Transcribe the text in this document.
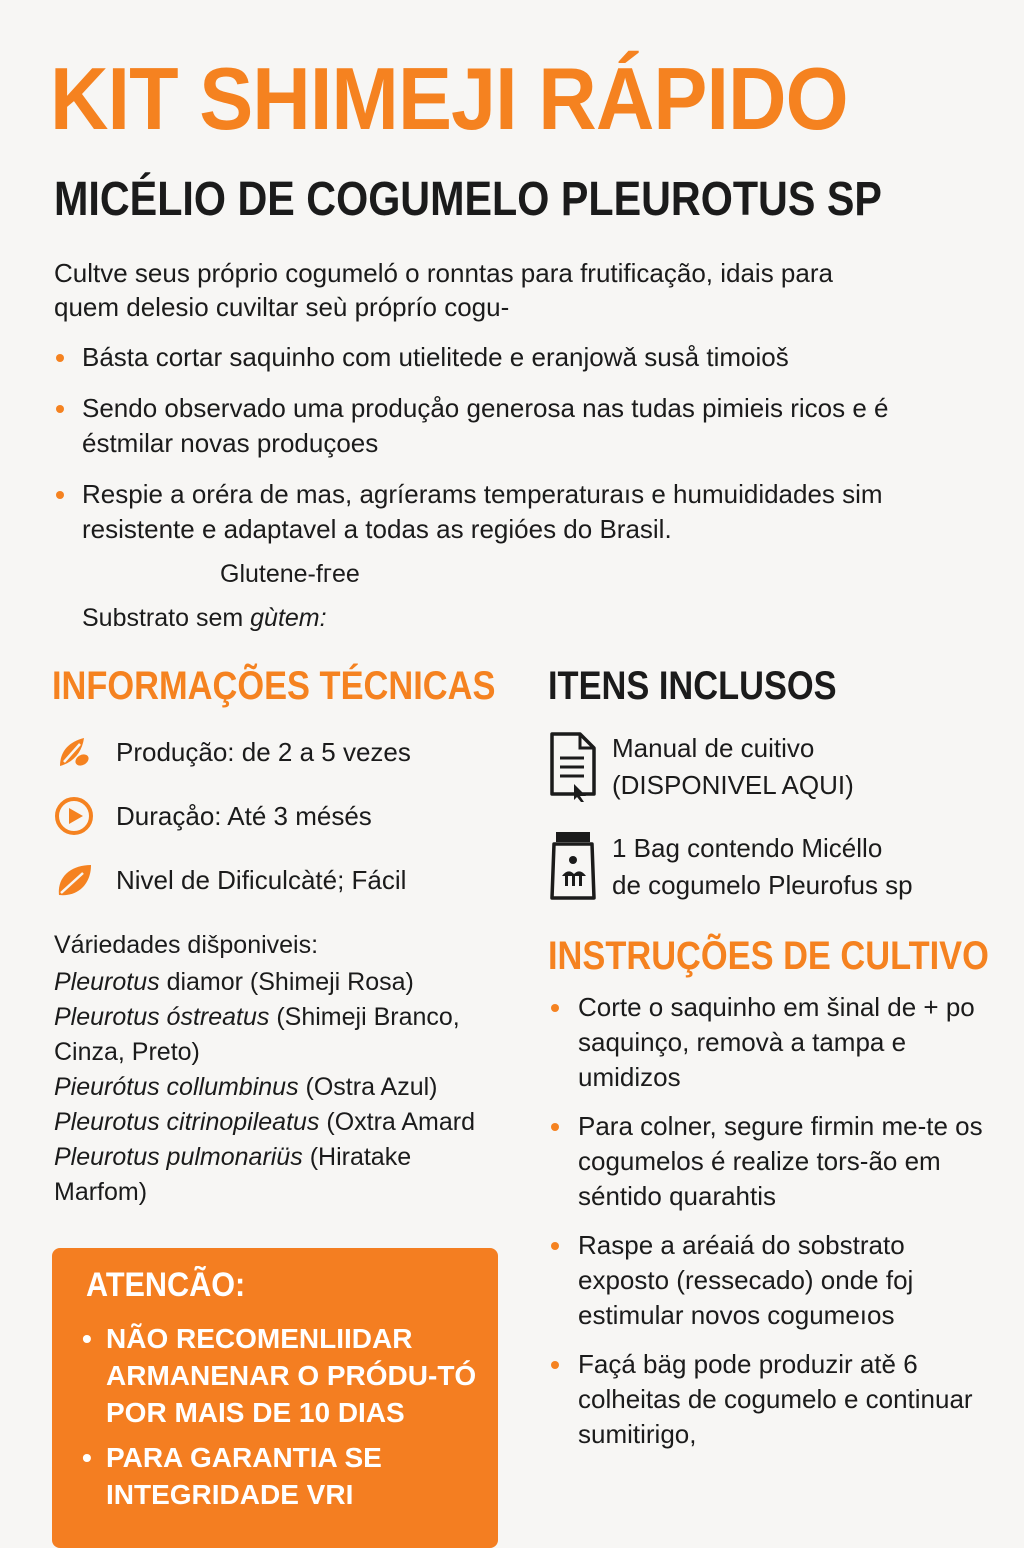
KIT SHIMEJI RÁPIDO
MICÉLIO DE COGUMELO PLEUROTUS SP

Cultve seus próprio cogumeló o ronntas para frutificação, idais para
quem delesio cuviltar seù própríо cogu-

Básta cortar saquinho com utielitede e eranjowǎ suså timoioš
Sendo observado uma produçåo generosa nas tudas pimieis ricos e é éstmilar novas produçoes
Respie a oréra de mas, agríerams temperaturaıs e humuididades sim resistente e adaptavel a todas as regióes do Brasil.
Glutene-fгee
Substrato sem gùtem:
INFORMAÇÕES TÉCNICAS
Produção: de 2 a 5 vezes
Duraçåo: Até 3 mésés
Nivel de Dificulcàté; Fácil
Váriedades dišponiveis:
Pleurotus diamor (Shimeji Rosa)
Pleurotus óstreatus (Shimeji Branco,
Cinza, Preto)
Pieurótus collumbinus (Ostra Azul)
Pleurotus citrinopileatus (Oxtra Amard
Pleurotus pulmonariüs (Hiratake
Marfom)
ATENCÃO:
• NÃO RECOMENLIIDAR ARMANENAR O PRÓDU-TÓ POR MAIS DE 10 DIAS
• PARA GARANTIA SE INTEGRIDADE VRI
ITENS INCLUSOS
Manual de cuitivo
(DISPONIVEL AQUI)
1 Bag contendo Micéllo
de cogumelo Pleurofus sp
INSTRUÇÕES DE CULTIVO
Corte o saquinho em šinal de + po saquinço, removà a tampa e umidizos
Para colner, segure firmin me-te os cogumelos é realize tors-ão em séntido quarahtis
Raspe a aréaiá do sobstrato exposto (ressecado) onde foj estimular novos cogumeıos
Façá bäg pode produzir atě 6 colheitas de cogumelo e continuar sumitirigo,
